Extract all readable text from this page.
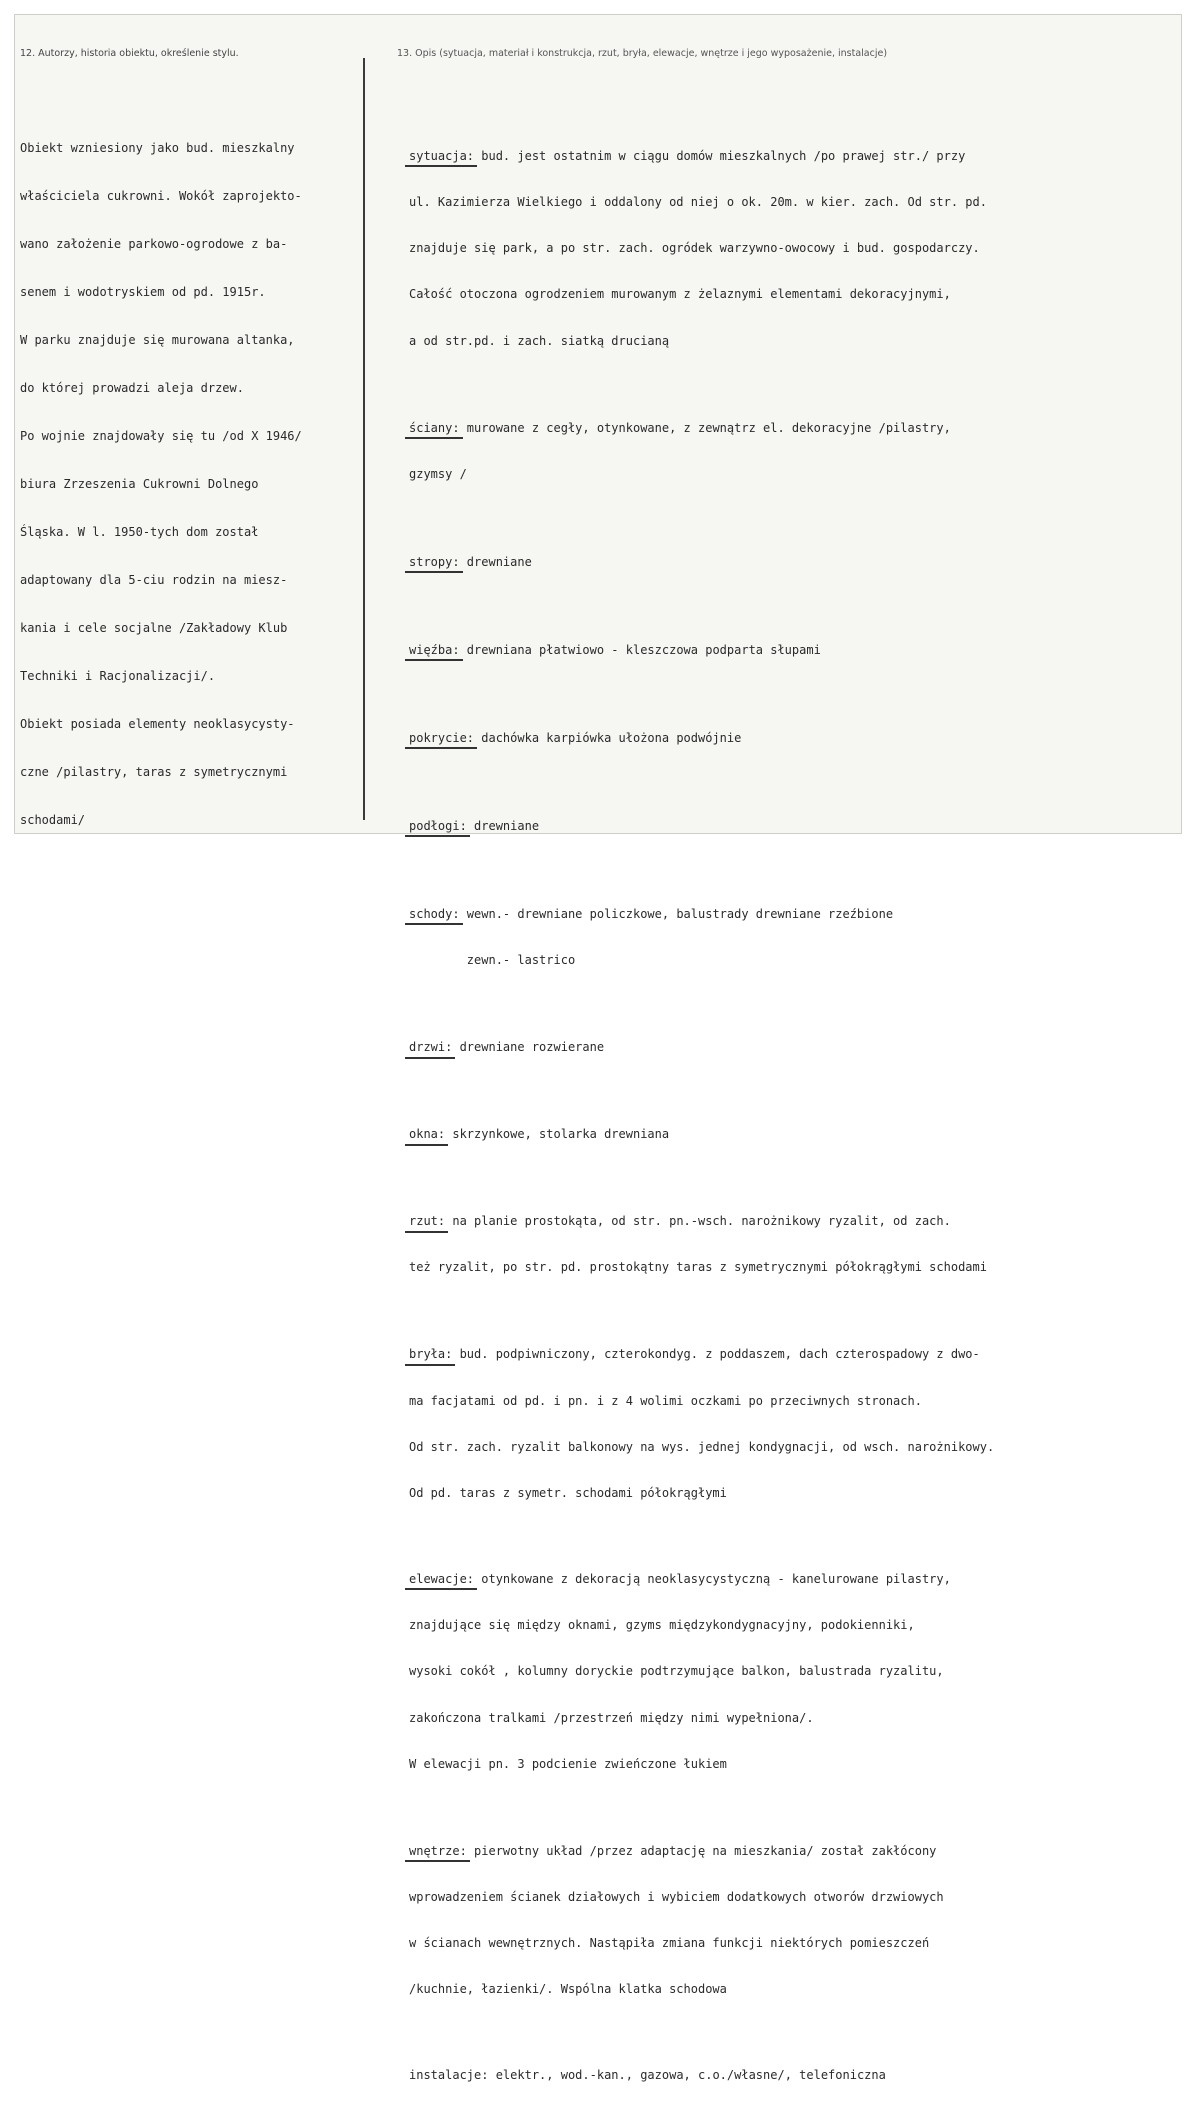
12. Autorzy, historia obiektu, określenie stylu.	13. Opis (sytuacja, materiał i konstrukcja, rzut, bryła, elewacje, wnętrze i jego wyposażenie, instalacje)

Obiekt wzniesiony jako bud. mieszkalny

właściciela cukrowni. Wokół zaprojekto-

wano założenie parkowo-ogrodowe z ba-

senem i wodotryskiem od pd. 1915r.

W parku znajduje się murowana altanka,

do której prowadzi aleja drzew.

Po wojnie znajdowały się tu /od X 1946/

biura Zrzeszenia Cukrowni Dolnego

Śląska. W l. 1950-tych dom został

adaptowany dla 5-ciu rodzin na miesz-

kania i cele socjalne /Zakładowy Klub

Techniki i Racjonalizacji/.

Obiekt posiada elementy neoklasycysty-

czne /pilastry, taras z symetrycznymi

schodami/

sytuacja: bud. jest ostatnim w ciągu domów mieszkalnych /po prawej str./ przy

ul. Kazimierza Wielkiego i oddalony od niej o ok. 20m. w kier. zach. Od str. pd.

znajduje się park, a po str. zach. ogródek warzywno-owocowy i bud. gospodarczy.

Całość otoczona ogrodzeniem murowanym z żelaznymi elementami dekoracyjnymi,

a od str.pd. i zach. siatką drucianą

ściany: murowane z cegły, otynkowane, z zewnątrz el. dekoracyjne /pilastry,

gzymsy /

stropy: drewniane

więźba: drewniana płatwiowo - kleszczowa podparta słupami

pokrycie: dachówka karpiówka ułożona podwójnie

podłogi: drewniane

schody: wewn.- drewniane policzkowe, balustrady drewniane rzeźbione

zewn.- lastrico

drzwi: drewniane rozwierane

okna: skrzynkowe, stolarka drewniana

rzut: na planie prostokąta, od str. pn.-wsch. narożnikowy ryzalit, od zach.

też ryzalit, po str. pd. prostokątny taras z symetrycznymi półokrągłymi schodami

bryła: bud. podpiwniczony, czterokondyg. z poddaszem, dach czterospadowy z dwo-

ma facjatami od pd. i pn. i z 4 wolimi oczkami po przeciwnych stronach.

Od str. zach. ryzalit balkonowy na wys. jednej kondygnacji, od wsch. narożnikowy.

Od pd. taras z symetr. schodami półokrągłymi

elewacje: otynkowane z dekoracją neoklasycystyczną - kanelurowane pilastry,

znajdujące się między oknami, gzyms międzykondygnacyjny, podokienniki,

wysoki cokół , kolumny doryckie podtrzymujące balkon, balustrada ryzalitu,

zakończona tralkami /przestrzeń między nimi wypełniona/.

W elewacji pn. 3 podcienie zwieńczone łukiem

wnętrze: pierwotny układ /przez adaptację na mieszkania/ został zakłócony

wprowadzeniem ścianek działowych i wybiciem dodatkowych otworów drzwiowych

w ścianach wewnętrznych. Nastąpiła zmiana funkcji niektórych pomieszczeń

/kuchnie, łazienki/. Wspólna klatka schodowa

instalacje: elektr., wod.-kan., gazowa, c.o./własne/, telefoniczna
